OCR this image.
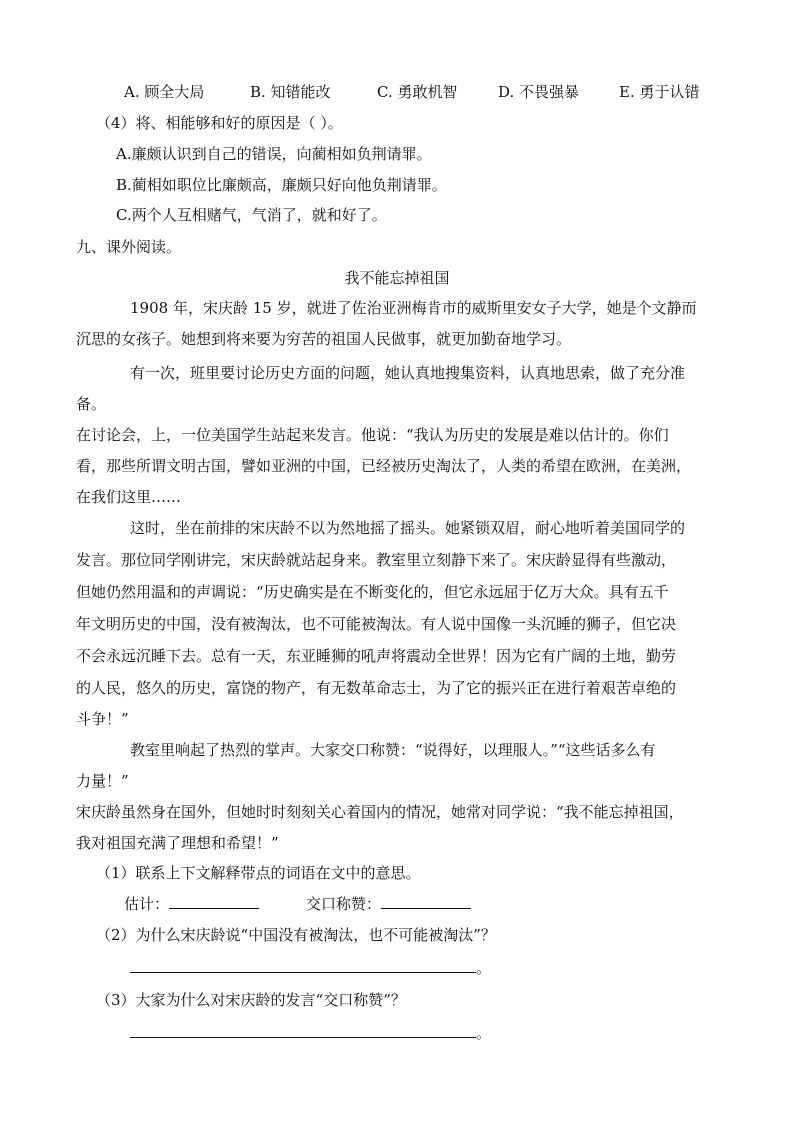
A. 顾全大局	B. 知错能改	C. 勇敢机智	D. 不畏强暴	E. 勇于认错
（4）将、相能够和好的原因是（ ）。
A.廉颇认识到自己的错误，向蔺相如负荆请罪。
B.蔺相如职位比廉颇高，廉颇只好向他负荆请罪。
C.两个人互相赌气，气消了，就和好了。
九、课外阅读。
我不能忘掉祖国
1908 年，宋庆龄 15 岁，就进了佐治亚洲梅肯市的威斯里安女子大学，她是个文静而
沉思的女孩子。她想到将来要为穷苦的祖国人民做事，就更加勤奋地学习。
有一次，班里要讨论历史方面的问题，她认真地搜集资料，认真地思索，做了充分准
备。
在讨论会，上，一位美国学生站起来发言。他说：“我认为历史的发展是难以估计的。你们
看，那些所谓文明古国，譬如亚洲的中国，已经被历史淘汰了，人类的希望在欧洲，在美洲，
在我们这里……
这时，坐在前排的宋庆龄不以为然地摇了摇头。她紧锁双眉，耐心地听着美国同学的
发言。那位同学刚讲完，宋庆龄就站起身来。教室里立刻静下来了。宋庆龄显得有些激动，
但她仍然用温和的声调说：“历史确实是在不断变化的，但它永远屈于亿万大众。具有五千
年文明历史的中国，没有被淘汰，也不可能被淘汰。有人说中国像一头沉睡的狮子，但它决
不会永远沉睡下去。总有一天，东亚睡狮的吼声将震动全世界！因为它有广阔的土地，勤劳
的人民，悠久的历史，富饶的物产，有无数革命志士，为了它的振兴正在进行着艰苦卓绝的
斗争！”
教室里响起了热烈的掌声。大家交口称赞：“说得好，以理服人。”“这些话多么有
力量！”
宋庆龄虽然身在国外，但她时时刻刻关心着国内的情况，她常对同学说：“我不能忘掉祖国，
我对祖国充满了理想和希望！”
（1）联系上下文解释带点的词语在文中的意思。
估计：	交口称赞：
（2）为什么宋庆龄说“中国没有被淘汰，也不可能被淘汰”？
。
（3）大家为什么对宋庆龄的发言“交口称赞”？
。
